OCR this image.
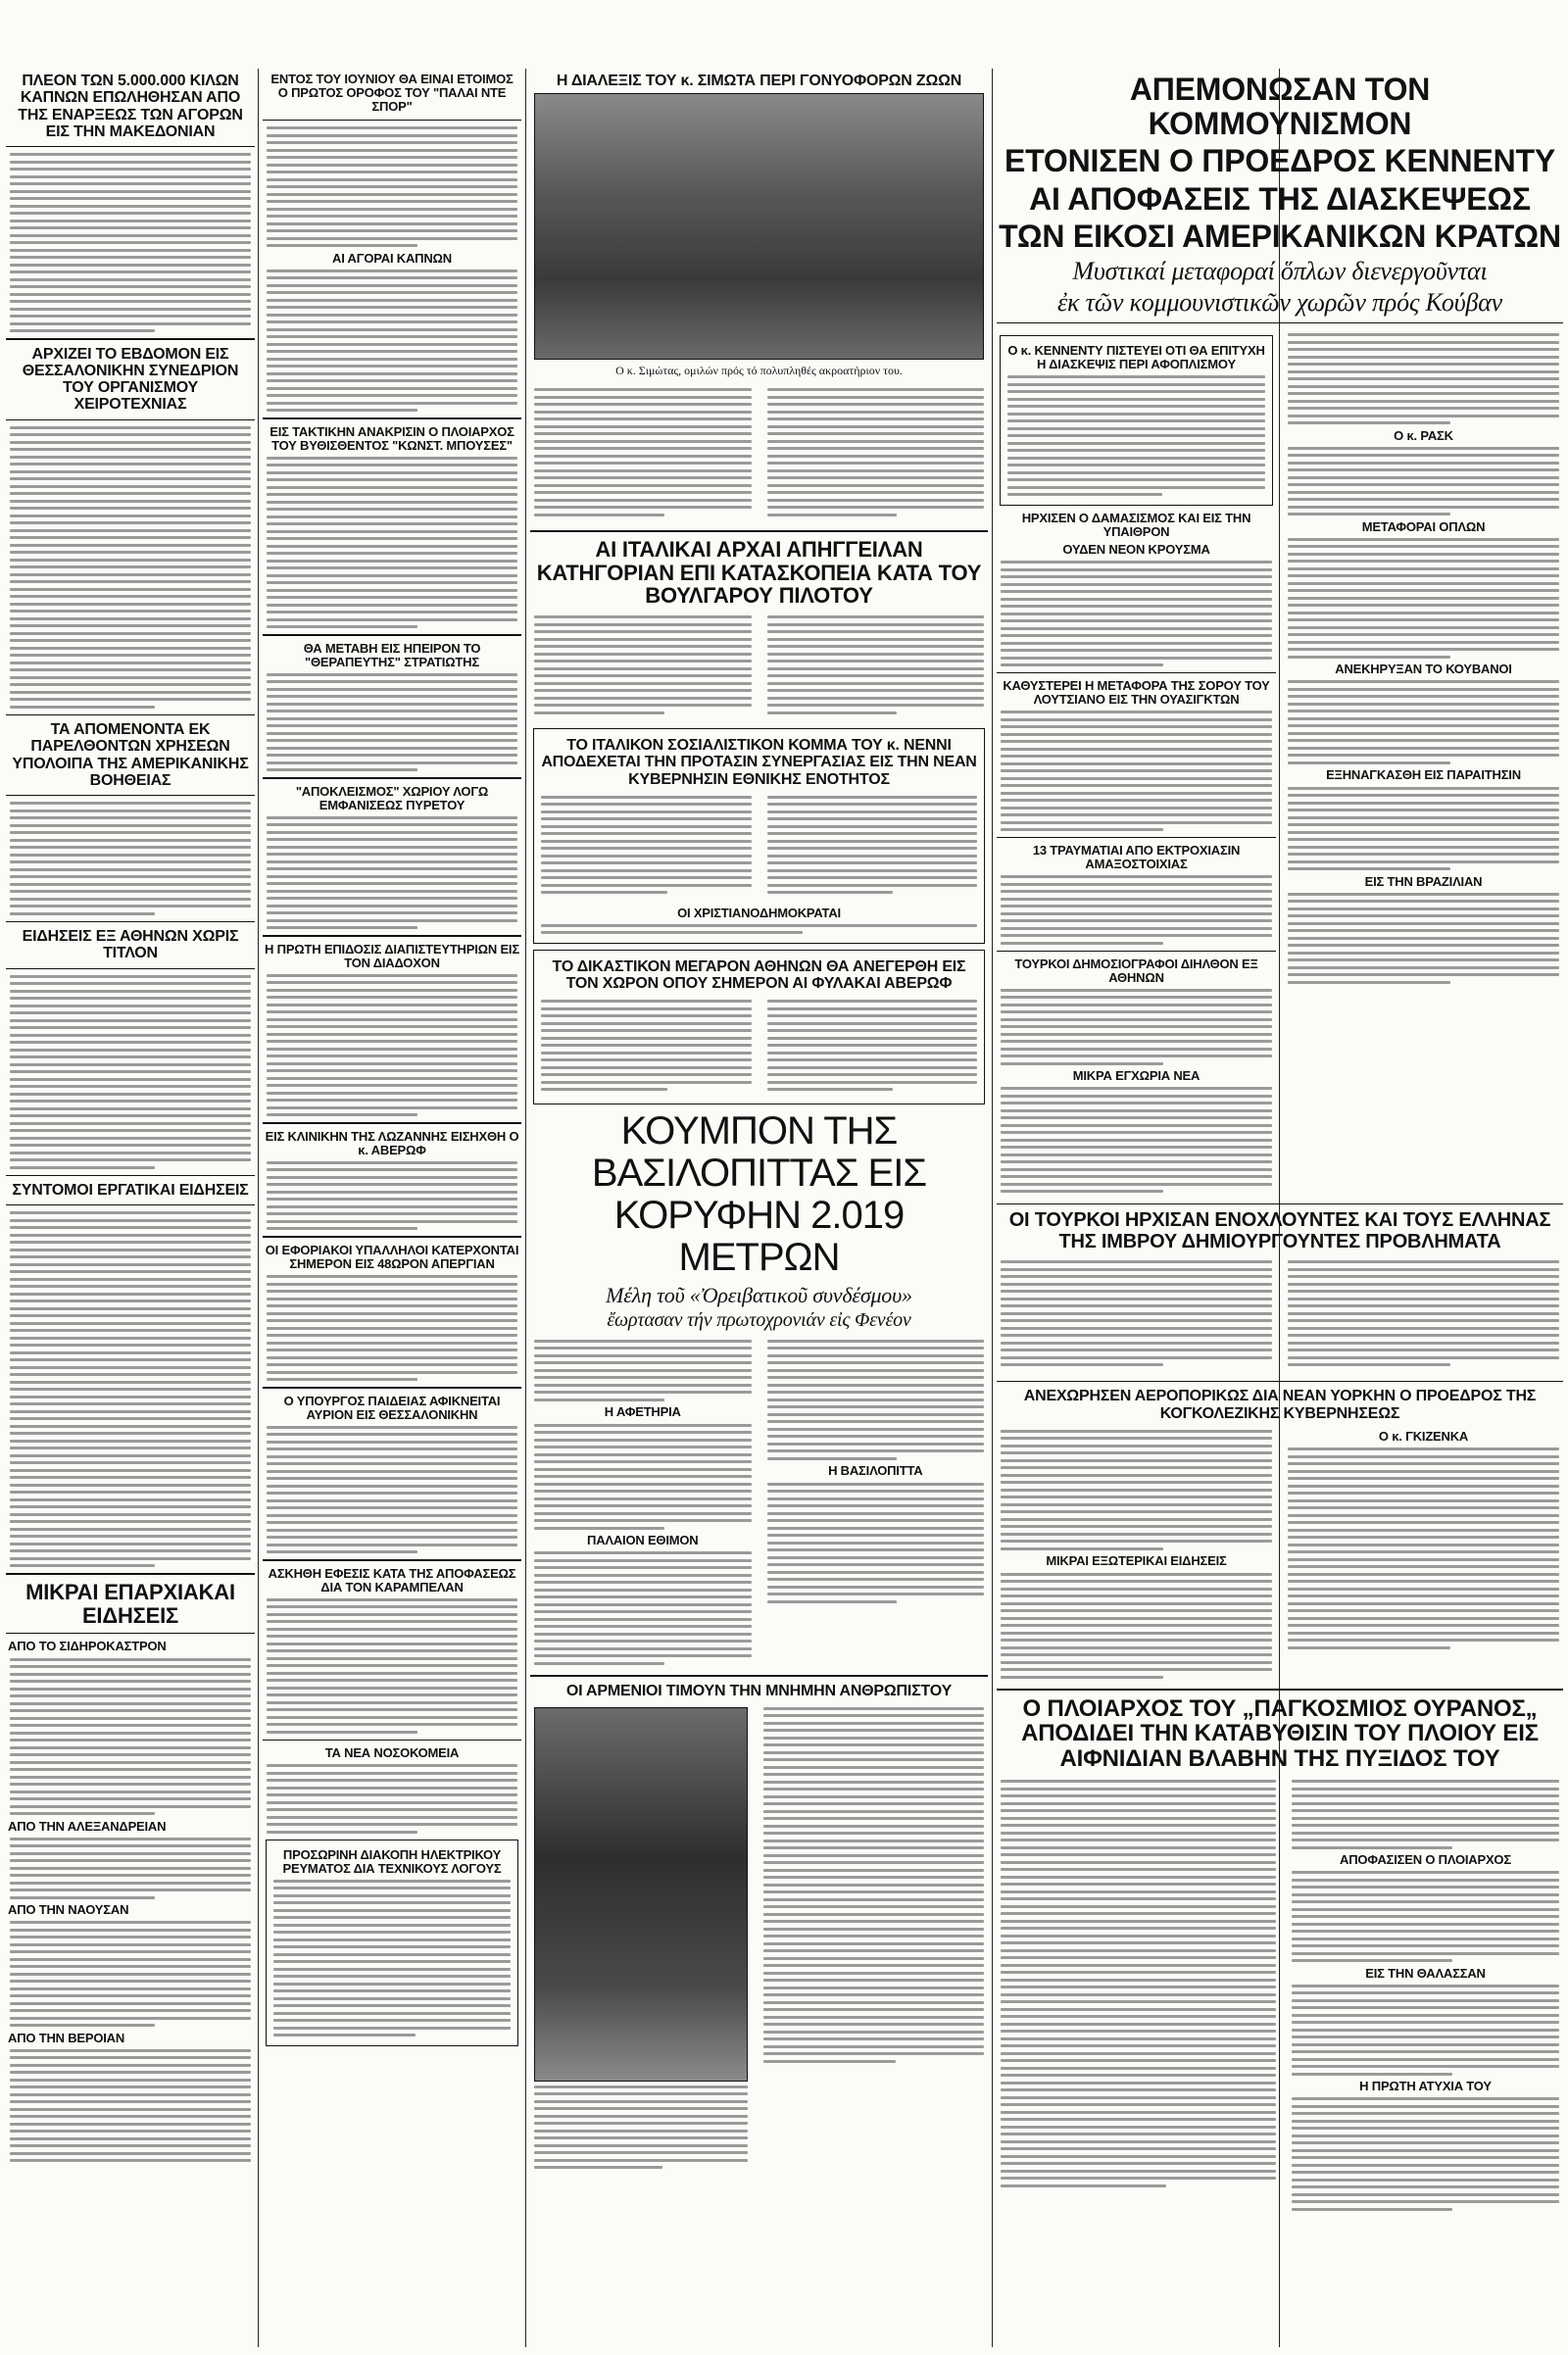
ΠΛΕΟΝ ΤΩΝ 5.000.000 ΚΙΛΩΝ ΚΑΠΝΩΝ ΕΠΩΛΗΘΗΣΑΝ ΑΠΟ ΤΗΣ ΕΝΑΡΞΕΩΣ ΤΩΝ ΑΓΟΡΩΝ ΕΙΣ ΤΗΝ ΜΑΚΕΔΟΝΙΑΝ
ΑΡΧΙΖΕΙ ΤΟ ΕΒΔΟΜΟΝ ΕΙΣ ΘΕΣΣΑΛΟΝΙΚΗΝ ΣΥΝΕΔΡΙΟΝ ΤΟΥ ΟΡΓΑΝΙΣΜΟΥ ΧΕΙΡΟΤΕΧΝΙΑΣ
ΤΑ ΑΠΟΜΕΝΟΝΤΑ ΕΚ ΠΑΡΕΛΘΟΝΤΩΝ ΧΡΗΣΕΩΝ ΥΠΟΛΟΙΠΑ ΤΗΣ ΑΜΕΡΙΚΑΝΙΚΗΣ ΒΟΗΘΕΙΑΣ
ΕΙΔΗΣΕΙΣ ΕΞ ΑΘΗΝΩΝ ΧΩΡΙΣ ΤΙΤΛΟΝ
ΣΥΝΤΟΜΟΙ ΕΡΓΑΤΙΚΑΙ ΕΙΔΗΣΕΙΣ
ΜΙΚΡΑΙ ΕΠΑΡΧΙΑΚΑΙ ΕΙΔΗΣΕΙΣ
ΑΠΟ ΤΟ ΣΙΔΗΡΟΚΑΣΤΡΟΝ
ΑΠΟ ΤΗΝ ΑΛΕΞΑΝΔΡΕΙΑΝ
ΑΠΟ ΤΗΝ ΝΑΟΥΣΑΝ
ΑΠΟ ΤΗΝ ΒΕΡΟΙΑΝ
ΕΝΤΟΣ ΤΟΥ ΙΟΥΝΙΟΥ ΘΑ ΕΙΝΑΙ ΕΤΟΙΜΟΣ Ο ΠΡΩΤΟΣ ΟΡΟΦΟΣ ΤΟΥ "ΠΑΛΑΙ ΝΤΕ ΣΠΟΡ"
ΑΙ ΑΓΟΡΑΙ ΚΑΠΝΩΝ
ΕΙΣ ΤΑΚΤΙΚΗΝ ΑΝΑΚΡΙΣΙΝ Ο ΠΛΟΙΑΡΧΟΣ ΤΟΥ ΒΥΘΙΣΘΕΝΤΟΣ "ΚΩΝΣΤ. ΜΠΟΥΣΕΣ"
ΘΑ ΜΕΤΑΒΗ ΕΙΣ ΗΠΕΙΡΟΝ ΤΟ "ΘΕΡΑΠΕΥΤΗΣ" ΣΤΡΑΤΙΩΤΗΣ
"ΑΠΟΚΛΕΙΣΜΟΣ" ΧΩΡΙΟΥ ΛΟΓΩ ΕΜΦΑΝΙΣΕΩΣ ΠΥΡΕΤΟΥ
Η ΠΡΩΤΗ ΕΠΙΔΟΣΙΣ ΔΙΑΠΙΣΤΕΥΤΗΡΙΩΝ ΕΙΣ ΤΟΝ ΔΙΑΔΟΧΟΝ
ΕΙΣ ΚΛΙΝΙΚΗΝ ΤΗΣ ΛΩΖΑΝΝΗΣ ΕΙΣΗΧΘΗ Ο κ. ΑΒΕΡΩΦ
ΟΙ ΕΦΟΡΙΑΚΟΙ ΥΠΑΛΛΗΛΟΙ ΚΑΤΕΡΧΟΝΤΑΙ ΣΗΜΕΡΟΝ ΕΙΣ 48ΩΡΟΝ ΑΠΕΡΓΙΑΝ
Ο ΥΠΟΥΡΓΟΣ ΠΑΙΔΕΙΑΣ ΑΦΙΚΝΕΙΤΑΙ ΑΥΡΙΟΝ ΕΙΣ ΘΕΣΣΑΛΟΝΙΚΗΝ
ΑΣΚΗΘΗ ΕΦΕΣΙΣ ΚΑΤΑ ΤΗΣ ΑΠΟΦΑΣΕΩΣ ΔΙΑ ΤΟΝ ΚΑΡΑΜΠΕΛΑΝ
ΤΑ ΝΕΑ ΝΟΣΟΚΟΜΕΙΑ
ΠΡΟΣΩΡΙΝΗ ΔΙΑΚΟΠΗ ΗΛΕΚΤΡΙΚΟΥ ΡΕΥΜΑΤΟΣ ΔΙΑ ΤΕΧΝΙΚΟΥΣ ΛΟΓΟΥΣ
Η ΔΙΑΛΕΞΙΣ ΤΟΥ κ. ΣΙΜΩΤΑ ΠΕΡΙ ΓΟΝΥΟΦΟΡΩΝ ΖΩΩΝ
Ο κ. Σιμώτας, ομιλών πρός τό πολυπληθές ακροατήριον του.
ΑΙ ΙΤΑΛΙΚΑΙ ΑΡΧΑΙ ΑΠΗΓΓΕΙΛΑΝ ΚΑΤΗΓΟΡΙΑΝ ΕΠΙ ΚΑΤΑΣΚΟΠΕΙΑ ΚΑΤΑ ΤΟΥ ΒΟΥΛΓΑΡΟΥ ΠΙΛΟΤΟΥ
ΤΟ ΙΤΑΛΙΚΟΝ ΣΟΣΙΑΛΙΣΤΙΚΟΝ ΚΟΜΜΑ ΤΟΥ κ. ΝΕΝΝΙ ΑΠΟΔΕΧΕΤΑΙ ΤΗΝ ΠΡΟΤΑΣΙΝ ΣΥΝΕΡΓΑΣΙΑΣ ΕΙΣ ΤΗΝ ΝΕΑΝ ΚΥΒΕΡΝΗΣΙΝ ΕΘΝΙΚΗΣ ΕΝΟΤΗΤΟΣ
ΟΙ ΧΡΙΣΤΙΑΝΟΔΗΜΟΚΡΑΤΑΙ
ΤΟ ΔΙΚΑΣΤΙΚΟΝ ΜΕΓΑΡΟΝ ΑΘΗΝΩΝ ΘΑ ΑΝΕΓΕΡΘΗ ΕΙΣ ΤΟΝ ΧΩΡΟΝ ΟΠΟΥ ΣΗΜΕΡΟΝ ΑΙ ΦΥΛΑΚΑΙ ΑΒΕΡΩΦ
ΚΟΥΜΠΟΝ ΤΗΣ ΒΑΣΙΛΟΠΙΤΤΑΣ ΕΙΣ ΚΟΡΥΦΗΝ 2.019 ΜΕΤΡΩΝ
Μέλη τοῦ «Ὀρειβατικοῦ συνδέσμου»
ἔωρτασαν τήν πρωτοχρονιάν εἰς Φενέον
Η ΑΦΕΤΗΡΙΑ
ΠΑΛΑΙΟΝ ΕΘΙΜΟΝ
Η ΒΑΣΙΛΟΠΙΤΤΑ
ΟΙ ΑΡΜΕΝΙΟΙ ΤΙΜΟΥΝ ΤΗΝ ΜΝΗΜΗΝ ΑΝΘΡΩΠΙΣΤΟΥ
ΑΠΕΜΟΝΩΣΑΝ ΤΟΝ ΚΟΜΜΟΥΝΙΣΜΟΝ
ΕΤΟΝΙΣΕΝ Ο ΠΡΟΕΔΡΟΣ ΚΕΝΝΕΝΤΥ
ΑΙ ΑΠΟΦΑΣΕΙΣ ΤΗΣ ΔΙΑΣΚΕΨΕΩΣ
ΤΩΝ ΕΙΚΟΣΙ ΑΜΕΡΙΚΑΝΙΚΩΝ ΚΡΑΤΩΝ
Μυστικαί μεταφοραί ὅπλων διενεργοῦνται
ἐκ τῶν κομμουνιστικῶν χωρῶν πρός Κούβαν
Ο κ. ΚΕΝΝΕΝΤΥ ΠΙΣΤΕΥΕΙ ΟΤΙ ΘΑ ΕΠΙΤΥΧΗ Η ΔΙΑΣΚΕΨΙΣ ΠΕΡΙ ΑΦΟΠΛΙΣΜΟΥ
ΗΡΧΙΣΕΝ Ο ΔΑΜΑΣΙΣΜΟΣ ΚΑΙ ΕΙΣ ΤΗΝ ΥΠΑΙΘΡΟΝ
ΟΥΔΕΝ ΝΕΟΝ ΚΡΟΥΣΜΑ
ΚΑΘΥΣΤΕΡΕΙ Η ΜΕΤΑΦΟΡΑ ΤΗΣ ΣΟΡΟΥ ΤΟΥ ΛΟΥΤΣΙΑΝΟ ΕΙΣ ΤΗΝ ΟΥΑΣΙΓΚΤΩΝ
13 ΤΡΑΥΜΑΤΙΑΙ ΑΠΟ ΕΚΤΡΟΧΙΑΣΙΝ ΑΜΑΞΟΣΤΟΙΧΙΑΣ
ΤΟΥΡΚΟΙ ΔΗΜΟΣΙΟΓΡΑΦΟΙ ΔΙΗΛΘΟΝ ΕΞ ΑΘΗΝΩΝ
ΜΙΚΡΑ ΕΓΧΩΡΙΑ ΝΕΑ
Ο κ. ΡΑΣΚ
ΜΕΤΑΦΟΡΑΙ ΟΠΛΩΝ
ΑΝΕΚΗΡΥΞΑΝ ΤΟ ΚΟΥΒΑΝΟΙ
ΕΞΗΝΑΓΚΑΣΘΗ ΕΙΣ ΠΑΡΑΙΤΗΣΙΝ
ΕΙΣ ΤΗΝ ΒΡΑΖΙΛΙΑΝ
ΟΙ ΤΟΥΡΚΟΙ ΗΡΧΙΣΑΝ ΕΝΟΧΛΟΥΝΤΕΣ ΚΑΙ ΤΟΥΣ ΕΛΛΗΝΑΣ ΤΗΣ ΙΜΒΡΟΥ ΔΗΜΙΟΥΡΓΟΥΝΤΕΣ ΠΡΟΒΛΗΜΑΤΑ
ΑΝΕΧΩΡΗΣΕΝ ΑΕΡΟΠΟΡΙΚΩΣ ΔΙΑ ΝΕΑΝ ΥΟΡΚΗΝ Ο ΠΡΟΕΔΡΟΣ ΤΗΣ ΚΟΓΚΟΛΕΖΙΚΗΣ ΚΥΒΕΡΝΗΣΕΩΣ
ΜΙΚΡΑΙ ΕΞΩΤΕΡΙΚΑΙ ΕΙΔΗΣΕΙΣ
Ο κ. ΓΚΙΖΕΝΚΑ
Ο ΠΛΟΙΑΡΧΟΣ ΤΟΥ „ΠΑΓΚΟΣΜΙΟΣ ΟΥΡΑΝΟΣ„ ΑΠΟΔΙΔΕΙ ΤΗΝ ΚΑΤΑΒΥΘΙΣΙΝ ΤΟΥ ΠΛΟΙΟΥ ΕΙΣ ΑΙΦΝΙΔΙΑΝ ΒΛΑΒΗΝ ΤΗΣ ΠΥΞΙΔΟΣ ΤΟΥ
ΑΠΟΦΑΣΙΣΕΝ Ο ΠΛΟΙΑΡΧΟΣ
ΕΙΣ ΤΗΝ ΘΑΛΑΣΣΑΝ
Η ΠΡΩΤΗ ΑΤΥΧΙΑ ΤΟΥ
